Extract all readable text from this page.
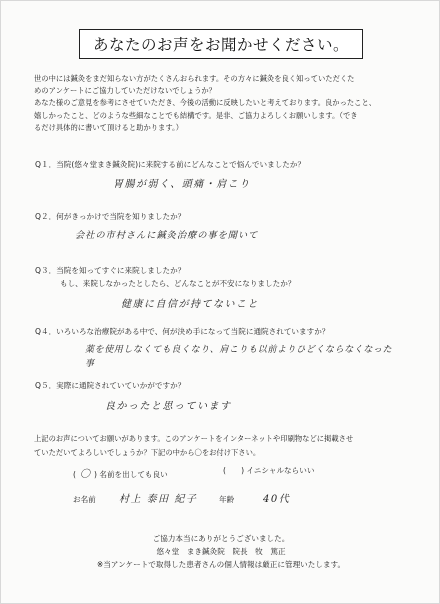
あなたのお声をお聞かせください。
世の中には鍼灸をまだ知らない方がたくさんおられます。その方々に鍼灸を良く知っていただくた
めのアンケートにご協力していただけないでしょうか？
あなた様のご意見を参考にさせていただき、今後の活動に反映したいと考えております。良かったこと、
嬉しかったこと、どのような些細なことでも結構です。是非、ご協力よろしくお願いします。（でき
るだけ具体的に書いて頂けると助かります。）
Q１．当院(悠々堂まき鍼灸院)に来院する前にどんなことで悩んでいましたか？
胃腸が弱く、頭痛・肩こり
Q２．何がきっかけで当院を知りましたか？
会社の市村さんに鍼灸治療の事を聞いて
Q３．当院を知ってすぐに来院しましたか？
もし、来院しなかったとしたら、どんなことが不安になりましたか？
健康に自信が持てないこと
Q４．いろいろな治療院がある中で、何が決め手になって当院に通院されていますか？
薬を使用しなくても良くなり、肩こりも以前よりひどくならなくなった事
Q５．実際に通院されていていかがですか？
良かったと思っています
上記のお声についてお願いがあります。このアンケートをインターネットや印刷物などに掲載させ
ていただいてよろしいでしょうか？下記の中から〇をお付け下さい。
( 〇 ) 名前を出しても良い	(　　) イニシャルならいい
お名前 村上 泰田 紀子	年齢	40代
ご協力本当にありがとうございました。
悠々堂　まき鍼灸院　院長　牧　篤正
※当アンケートで取得した患者さんの個人情報は厳正に管理いたします。
